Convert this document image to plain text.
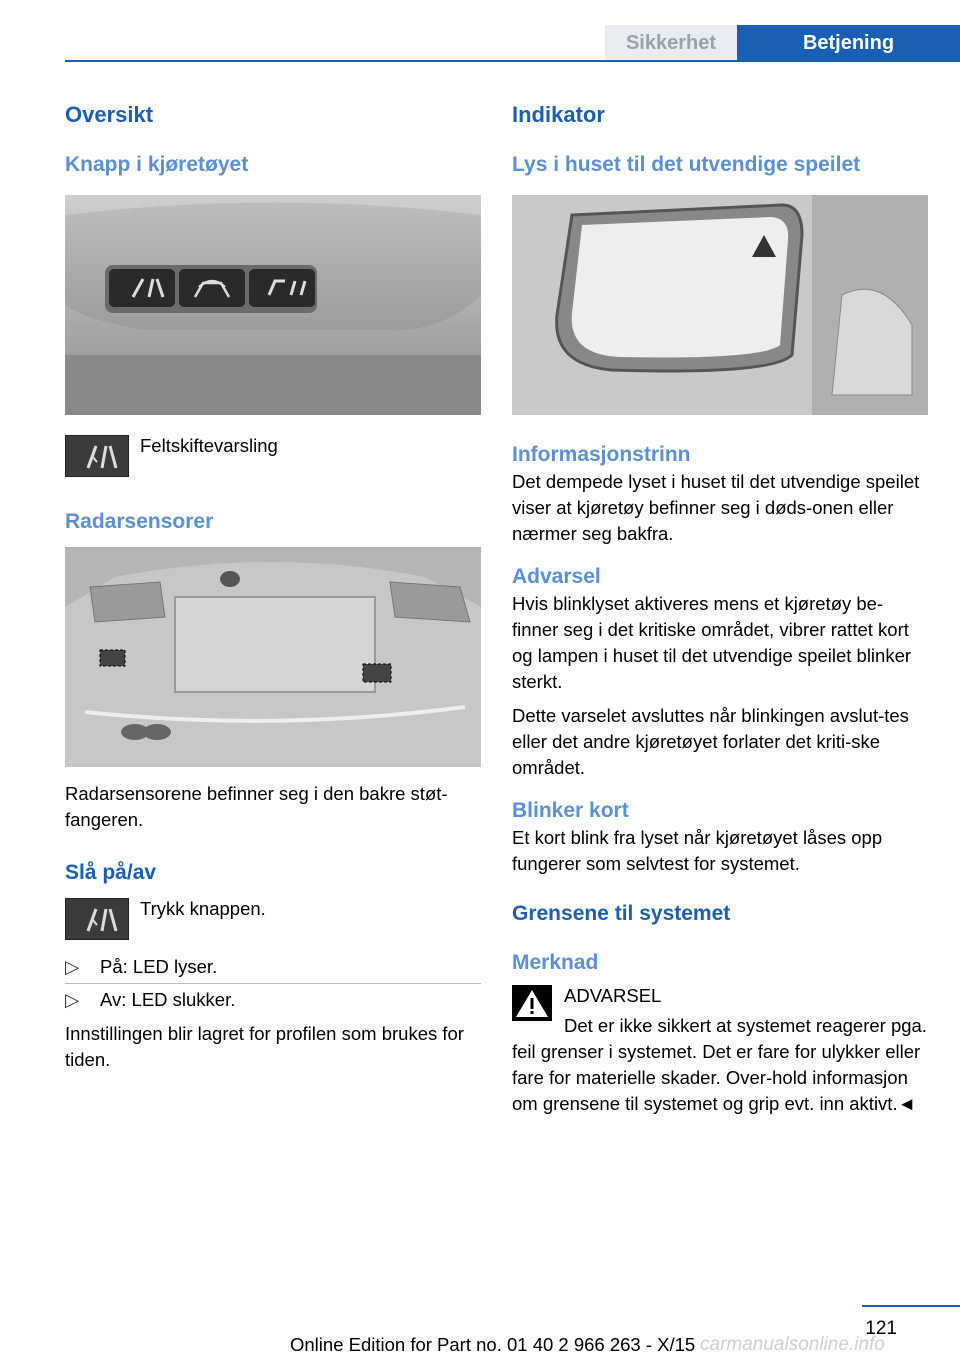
Sikkerhet	Betjening
Oversikt
Knapp i kjøretøyet
Feltskiftevarsling
Radarsensorer

Radarsensorene befinner seg i den bakre støt-fangeren.

Slå på/av
Trykk knappen.
▷ På: LED lyser.
▷ Av: LED slukker.

Innstillingen blir lagret for profilen som brukes for tiden.

Indikator
Lys i huset til det utvendige speilet
Informasjonstrinn

Det dempede lyset i huset til det utvendige speilet viser at kjøretøy befinner seg i døds-onen eller nærmer seg bakfra.

Advarsel

Hvis blinklyset aktiveres mens et kjøretøy be-finner seg i det kritiske området, vibrer rattet kort og lampen i huset til det utvendige speilet blinker sterkt.

Dette varselet avsluttes når blinkingen avslut-tes eller det andre kjøretøyet forlater det kriti-ske området.

Blinker kort

Et kort blink fra lyset når kjøretøyet låses opp fungerer som selvtest for systemet.

Grensene til systemet
Merknad
ADVARSEL
Det er ikke sikkert at systemet reagerer pga. feil grenser i systemet. Det er fare for ulykker eller fare for materielle skader. Over-hold informasjon om grensene til systemet og grip evt. inn aktivt.◄
121
Online Edition for Part no. 01 40 2 966 263 - X/15 carmanualsonline.info
